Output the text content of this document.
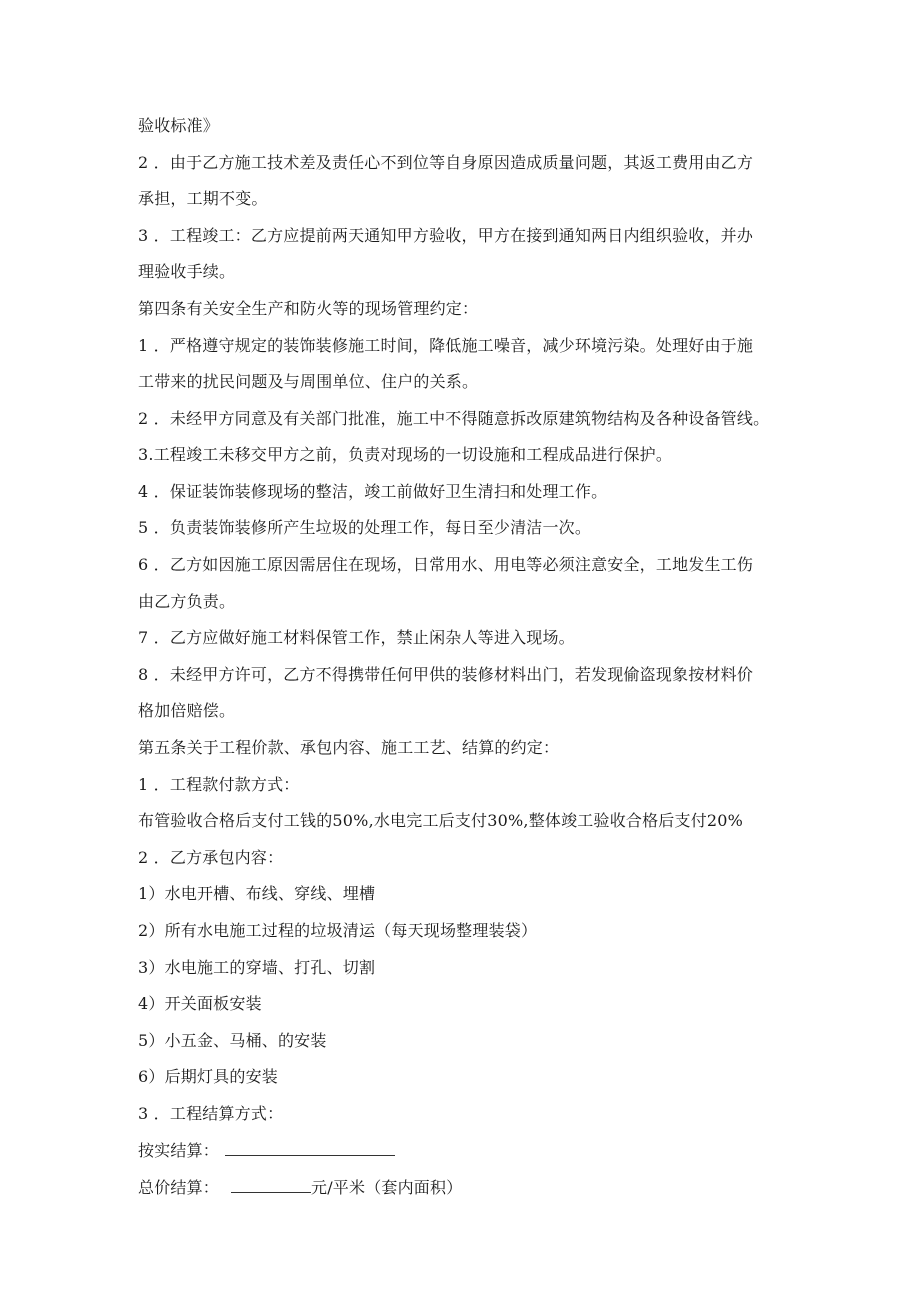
验收标准》
2 ．由于乙方施工技术差及责任心不到位等自身原因造成质量问题，其返工费用由乙方
承担，工期不变。
3 ．工程竣工：乙方应提前两天通知甲方验收，甲方在接到通知两日内组织验收，并办
理验收手续。
第四条有关安全生产和防火等的现场管理约定：
1 ．严格遵守规定的装饰装修施工时间，降低施工噪音，减少环境污染。处理好由于施
工带来的扰民问题及与周围单位、住户的关系。
2 ．未经甲方同意及有关部门批准，施工中不得随意拆改原建筑物结构及各种设备管线。
3.工程竣工未移交甲方之前，负责对现场的一切设施和工程成品进行保护。
4 ．保证装饰装修现场的整洁，竣工前做好卫生清扫和处理工作。
5 ．负责装饰装修所产生垃圾的处理工作，每日至少清洁一次。
6 ．乙方如因施工原因需居住在现场，日常用水、用电等必须注意安全，工地发生工伤
由乙方负责。
7 ．乙方应做好施工材料保管工作，禁止闲杂人等进入现场。
8 ．未经甲方许可，乙方不得携带任何甲供的装修材料出门，若发现偷盗现象按材料价
格加倍赔偿。
第五条关于工程价款、承包内容、施工工艺、结算的约定：
1 ．工程款付款方式：
布管验收合格后支付工钱的50%,水电完工后支付30%,整体竣工验收合格后支付20%
2 ．乙方承包内容：
1）水电开槽、布线、穿线、埋槽
2）所有水电施工过程的垃圾清运（每天现场整理装袋）
3）水电施工的穿墙、打孔、切割
4）开关面板安装
5）小五金、马桶、的安装
6）后期灯具的安装
3 ．工程结算方式：
按实结算：
总价结算：	元/平米（套内面积）
